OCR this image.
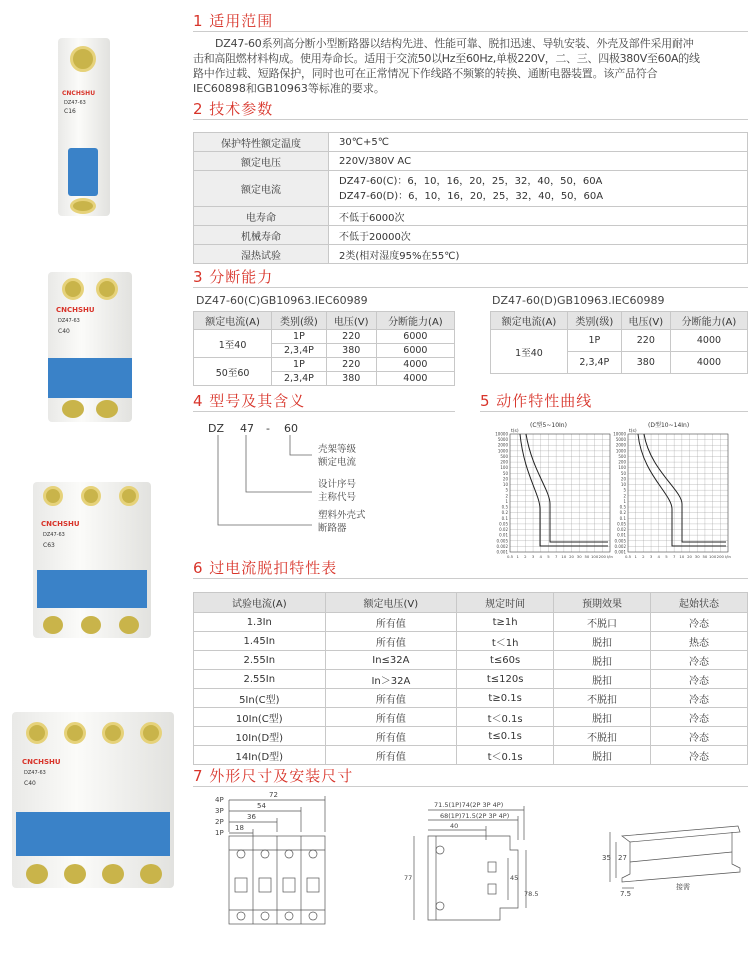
CNCHSHU
DZ47-63
C16
CNCHSHU
DZ47-63
C40
CNCHSHU
DZ47-63
C63
CNCHSHU
DZ47-63
C40
1 适用范围
DZ47-60系列高分断小型断路器以结构先进、性能可靠、脱扣迅速、导轨安装、外壳及部件采用耐冲
击和高阻燃材料构成。使用寿命长。适用于交流50以Hz至60Hz,单极220V，二、三、四极380V至60A的线
路中作过载、短路保护，同时也可在正常情况下作线路不频繁的转换、通断电器装置。该产品符合
IEC60898和GB10963等标准的要求。
2 技术参数
保护特性额定温度	30℃+5℃
额定电压	220V/380V AC
额定电流	DZ47-60(C)：6，10，16，20，25，32，40，50，60A
DZ47-60(D)：6，10，16，20，25，32，40，50，60A

电寿命	不低于6000次
机械寿命	不低于20000次
湿热试验	2类(相对湿度95%在55℃)
3 分断能力
DZ47-60(C)GB10963.IEC60989	DZ47-60(D)GB10963.IEC60989
额定电流(A)	类别(级)	电压(V)	分断能力(A)
1至40	1P	220	6000
	2,3,4P	380	6000
50至60	1P	220	4000
	2,3,4P	380	4000
额定电流(A)	类别(级)	电压(V)	分断能力(A)
1至40	1P	220	4000
	2,3,4P	380	4000
4 型号及其含义
DZ 47 - 60
壳架等级
额定电流
设计序号
主称代号
塑料外壳式
断路器
5 动作特性曲线
(C型5~10In)
t(s)
10000
5000
2000
1000
500
200
100
50
20
10
5
2
1
0.5
0.2
0.1
0.05
0.02
0.01
0.005
0.002
0.001
0.5 1 2 3 4 5 7 10 20 30 50 100 200 I/In
(D型10~14In)
t(s)
10000
5000
2000
1000
500
200
100
50
20
10
5
2
1
0.5
0.2
0.1
0.05
0.02
0.01
0.005
0.002
0.001
0.5 1 2 3 4 5 7 10 20 30 50 100 200 I/In
6 过电流脱扣特性表
试验电流(A)	额定电压(V)	规定时间	预期效果	起始状态
1.3In	所有值	t≥1h	不脱口	冷态
1.45In	所有值	t＜1h	脱扣	热态
2.55In	In≤32A	t≤60s	脱扣	冷态
2.55In	In＞32A	t≤120s	脱扣	冷态
5In(C型)	所有值	t≥0.1s	不脱扣	冷态
10In(C型)	所有值	t＜0.1s	脱扣	冷态
10In(D型)	所有值	t≤0.1s	不脱扣	冷态
14In(D型)	所有值	t＜0.1s	脱扣	冷态
7 外形尺寸及安装尺寸
4P
3P
2P
1P
72
54
36
18
71.5(1P)74(2P 3P 4P)
68(1P)71.5(2P 3P 4P)
40
77	45
78.5
35 27
7.5
接需
